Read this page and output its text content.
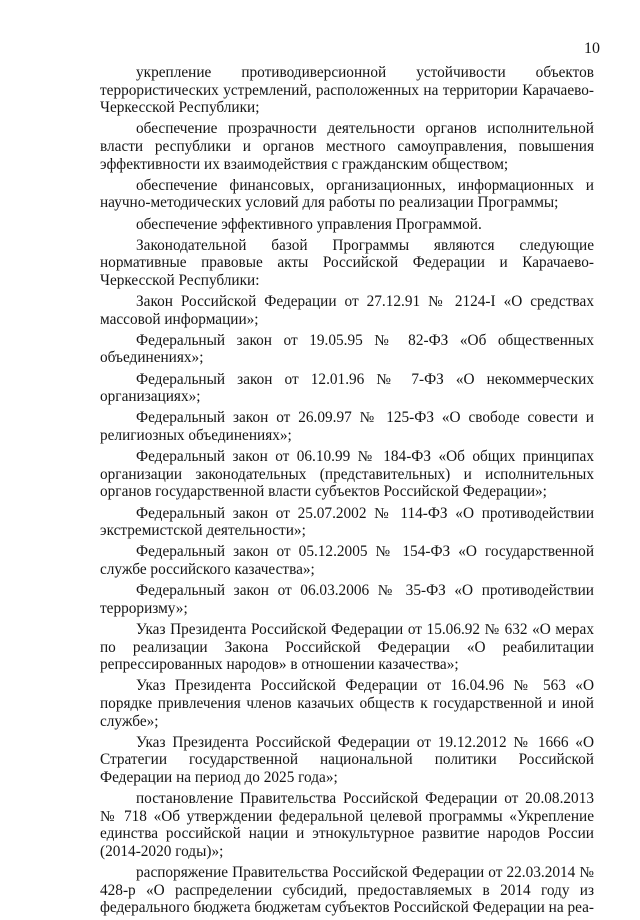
10

укрепление противодиверсионной устойчивости объектов террористических устремлений, расположенных на территории Карачаево-Черкесской Республики;

обеспечение прозрачности деятельности органов исполнительной власти республики и органов местного самоуправления, повышения эффективности их взаимодействия с гражданским обществом;

обеспечение финансовых, организационных, информационных и научно-методических условий для работы по реализации Программы;

обеспечение эффективного управления Программой.

Законодательной базой Программы являются следующие нормативные правовые акты Российской Федерации и Карачаево-Черкесской Республики:

Закон Российской Федерации от 27.12.91 № 2124-I «О средствах массовой информации»;

Федеральный закон от 19.05.95 № 82-ФЗ «Об общественных объединениях»;

Федеральный закон от 12.01.96 № 7-ФЗ «О некоммерческих организациях»;

Федеральный закон от 26.09.97 № 125-ФЗ «О свободе совести и религиозных объединениях»;

Федеральный закон от 06.10.99 № 184-ФЗ «Об общих принципах организации законодательных (представительных) и исполнительных органов государственной власти субъектов Российской Федерации»;

Федеральный закон от 25.07.2002 № 114-ФЗ «О противодействии экстремистской деятельности»;

Федеральный закон от 05.12.2005 № 154-ФЗ «О государственной службе российского казачества»;

Федеральный закон от 06.03.2006 № 35-ФЗ «О противодействии терроризму»;

Указ Президента Российской Федерации от 15.06.92 № 632 «О мерах по реализации Закона Российской Федерации «О реабилитации репрессированных народов» в отношении казачества»;

Указ Президента Российской Федерации от 16.04.96 № 563 «О порядке привлечения членов казачьих обществ к государственной и иной службе»;

Указ Президента Российской Федерации от 19.12.2012 № 1666 «О Стратегии государственной национальной политики Российской Федерации на период до 2025 года»;

постановление Правительства Российской Федерации от 20.08.2013 № 718 «Об утверждении федеральной целевой программы «Укрепление единства российской нации и этнокультурное развитие народов России (2014-2020 годы)»;

распоряжение Правительства Российской Федерации от 22.03.2014 № 428-р «О распределении субсидий, предоставляемых в 2014 году из федерального бюджета бюджетам субъектов Российской Федерации на реа-
